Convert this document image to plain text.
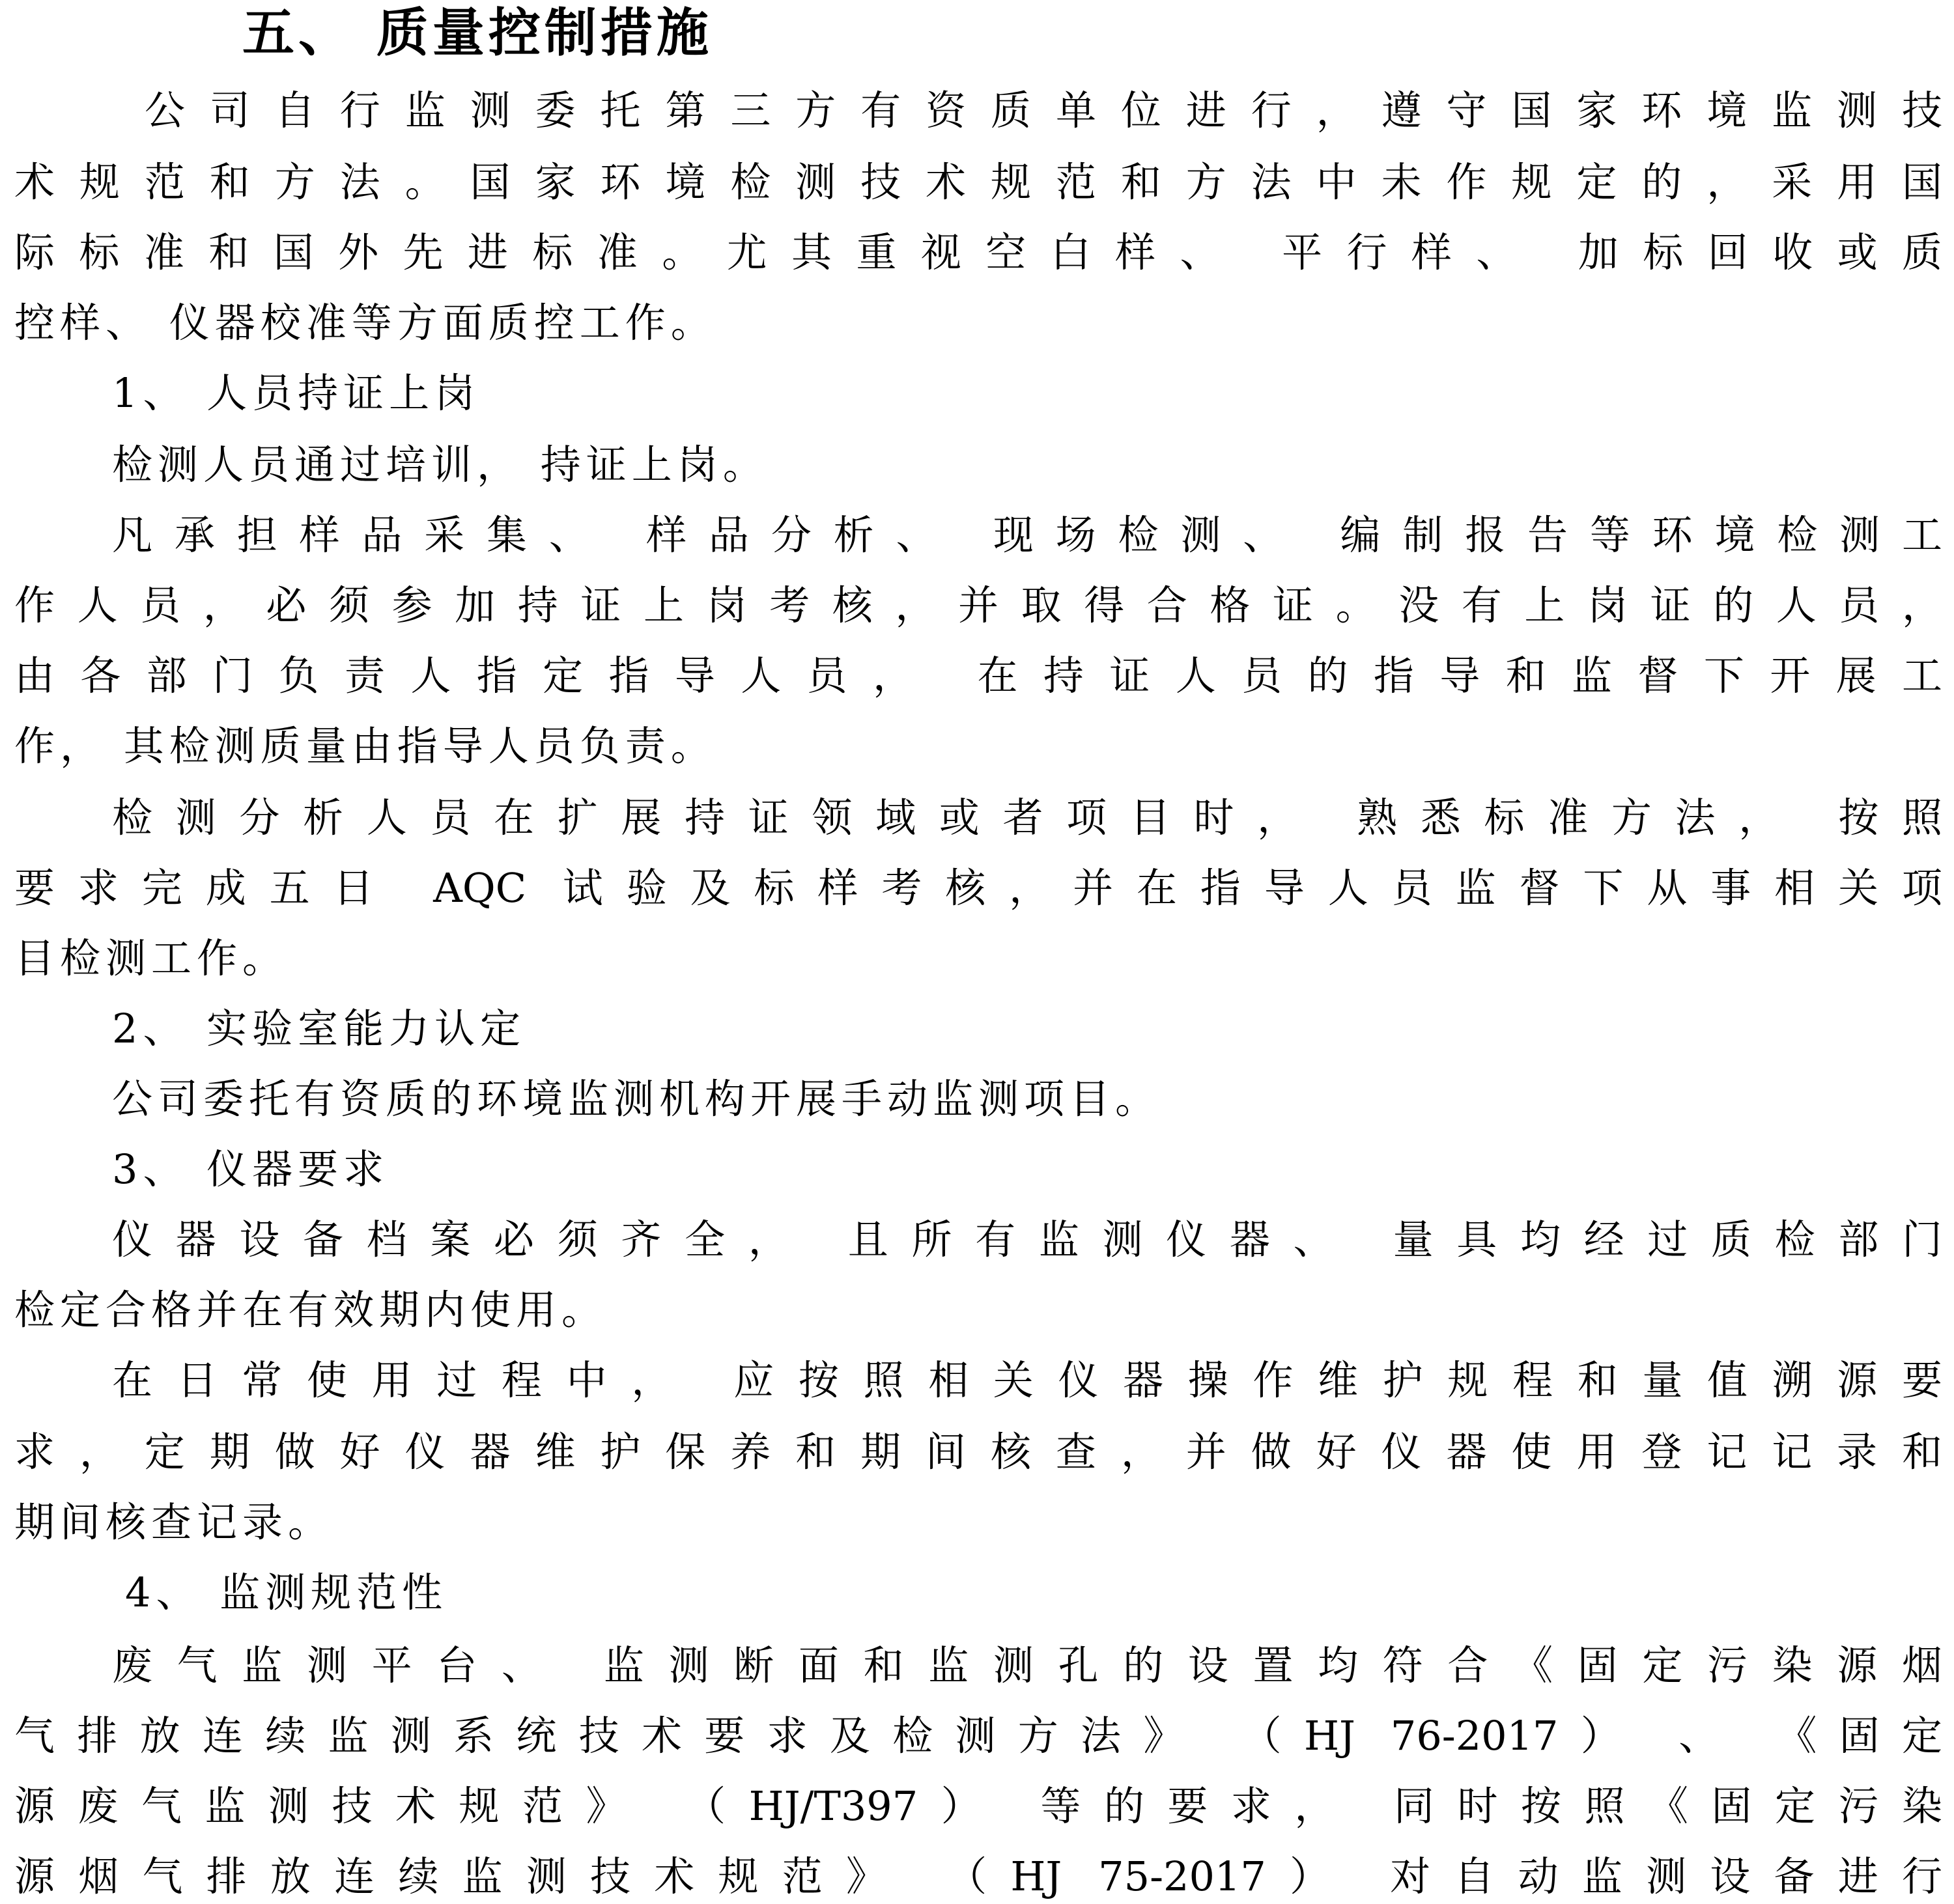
五、 质量控制措施
公司自行监测委托第三方有资质单位进行，遵守国家环境监测技
术规范和方法。国家环境检测技术规范和方法中未作规定的，采用国
际标准和国外先进标准。尤其重视空白样、 平行样、 加标回收或质
控样、 仪器校准等方面质控工作。
1、 人员持证上岗
检测人员通过培训， 持证上岗。
凡承担样品采集、 样品分析、 现场检测、 编制报告等环境检测工
作人员，必须参加持证上岗考核，并取得合格证。没有上岗证的人员，
由各部门负责人指定指导人员， 在持证人员的指导和监督下开展工
作， 其检测质量由指导人员负责。
检测分析人员在扩展持证领域或者项目时， 熟悉标准方法， 按照
要求完成五日 AQC 试验及标样考核，并在指导人员监督下从事相关项
目检测工作。
2、 实验室能力认定
公司委托有资质的环境监测机构开展手动监测项目。
3、 仪器要求
仪器设备档案必须齐全， 且所有监测仪器、 量具均经过质检部门
检定合格并在有效期内使用。
在日常使用过程中， 应按照相关仪器操作维护规程和量值溯源要
求，定期做好仪器维护保养和期间核查，并做好仪器使用登记记录和
期间核查记录。
4、 监测规范性
废气监测平台、 监测断面和监测孔的设置均符合《固定污染源烟
气排放连续监测系统技术要求及检测方法》 （HJ 76-2017） 、 《固定
源废气监测技术规范》 （HJ/T397） 等的要求， 同时按照《固定污染
源烟气排放连续监测技术规范》 （HJ 75-2017） 对自动监测设备进行
